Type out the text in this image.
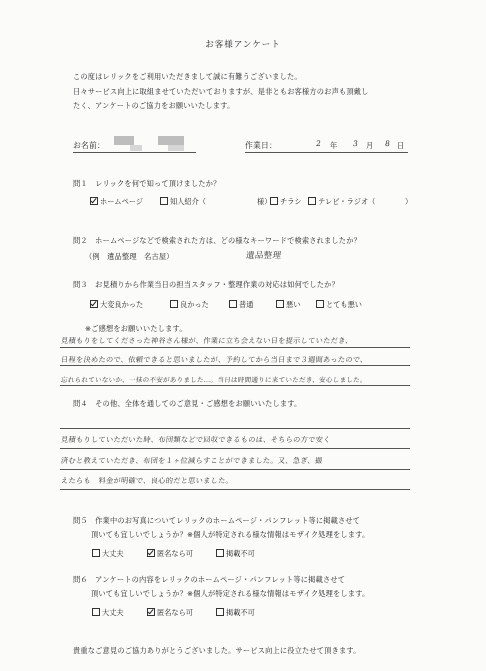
お客様アンケート
この度はレリックをご利用いただきまして誠に有難うございました。
日々サービス向上に取組ませていただいておりますが、是非ともお客様方のお声も頂戴し
たく、アンケートのご協力をお願いいたします。
お名前：	作業日：	2 年 3 月 8 日
問１　レリックを何で知って頂けましたか？
ホームページ	知人紹介（	様）	チラシ	テレビ・ラジオ（	）
問２　ホームページなどで検索された方は、どの様なキーワードで検索されましたか？
（例　遺品整理　名古屋）	遺品整理
問３　お見積りから作業当日の担当スタッフ・整理作業の対応は如何でしたか？
大変良かった	良かった	普通	悪い	とても悪い
※ご感想をお願いいたします。
見積もりをしてくださった神谷さん様が、作業に立ち会えない日を提示していただき、
日程を決めたので、依頼できると思いましたが、予約してから当日まで３週間あったので、
忘れられていないか、一抹の不安がありました…。当日は時間通りに来ていただき、安心しました。
問４　その他、全体を通してのご意見・ご感想をお願いいたします。
見積もりしていただいた時、布団類などで回収できるものは、そちらの方で安く
済むと教えていただき、布団を１ヶ位減らすことができました。又、急ぎ、撮
えたらも　料金が明確で、良心的だと思いました。
問５　作業中のお写真についてレリックのホームページ・パンフレット等に掲載させて
頂いても宜しいでしょうか？※個人が特定される様な情報はモザイク処理をします。
大丈夫	匿名なら可	掲載不可
問６　アンケートの内容をレリックのホームページ・パンフレット等に掲載させて
頂いても宜しいでしょうか？※個人が特定される様な情報はモザイク処理をします。
大丈夫	匿名なら可	掲載不可
貴重なご意見のご協力ありがとうございました。サービス向上に役立たせて頂きます。
